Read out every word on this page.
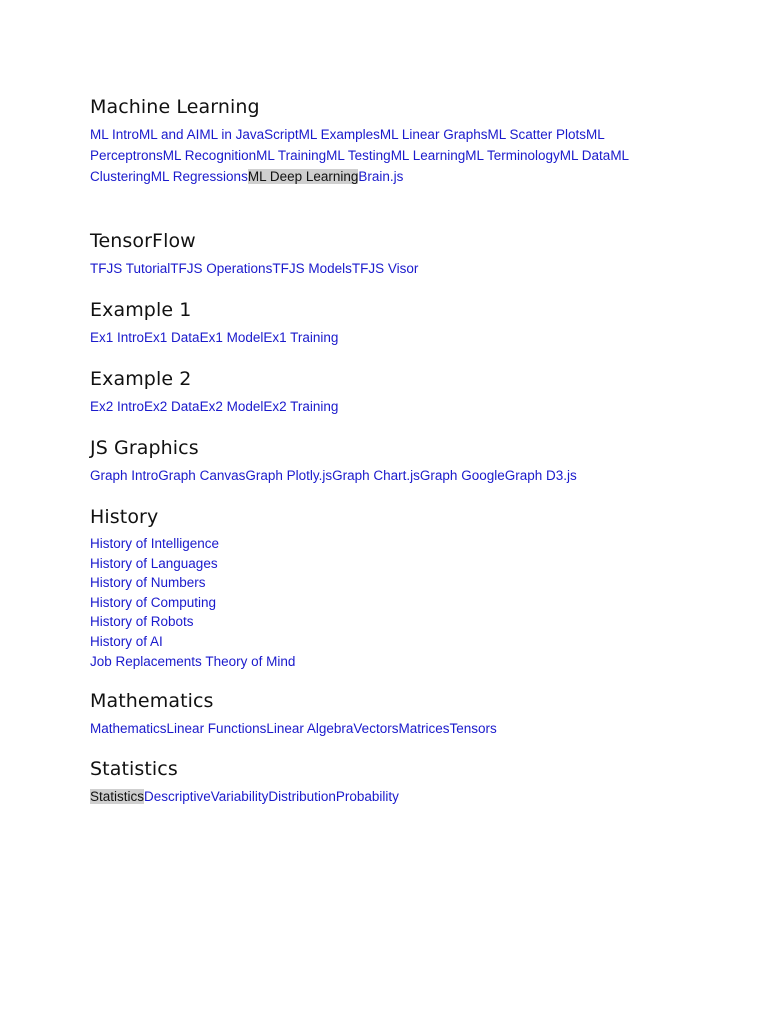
Machine Learning

ML IntroML and AIML in JavaScriptML ExamplesML Linear GraphsML Scatter PlotsML PerceptronsML RecognitionML TrainingML TestingML LearningML TerminologyML DataML ClusteringML RegressionsML Deep LearningBrain.js

TensorFlow

TFJS TutorialTFJS OperationsTFJS ModelsTFJS Visor

Example 1

Ex1 IntroEx1 DataEx1 ModelEx1 Training

Example 2

Ex2 IntroEx2 DataEx2 ModelEx2 Training

JS Graphics

Graph IntroGraph CanvasGraph Plotly.jsGraph Chart.jsGraph GoogleGraph D3.js

History
History of Intelligence
History of Languages
History of Numbers
History of Computing
History of Robots
History of AI
Job Replacements Theory of Mind
Mathematics

MathematicsLinear FunctionsLinear AlgebraVectorsMatricesTensors

Statistics

StatisticsDescriptiveVariabilityDistributionProbability
